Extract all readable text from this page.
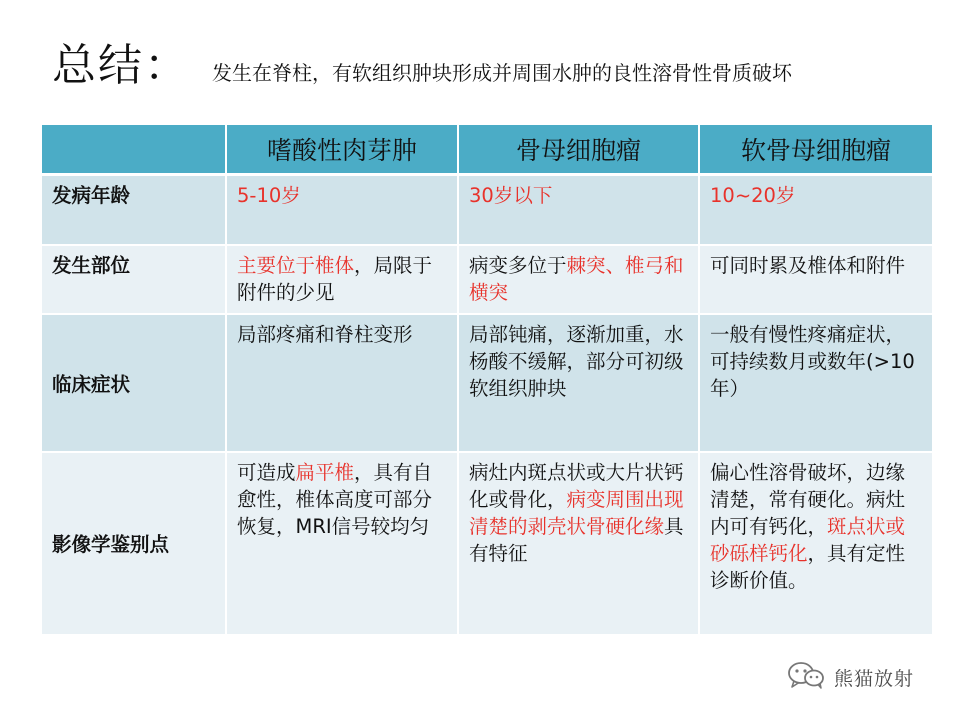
总结： 发生在脊柱，有软组织肿块形成并周围水肿的良性溶骨性骨质破坏
	嗜酸性肉芽肿	骨母细胞瘤	软骨母细胞瘤
发病年龄	5-10岁	30岁以下	10~20岁
发生部位	主要位于椎体，局限于附件的少见	病变多位于棘突、椎弓和横突	可同时累及椎体和附件
临床症状	局部疼痛和脊柱变形	局部钝痛，逐渐加重，水杨酸不缓解，部分可初级软组织肿块	一般有慢性疼痛症状，可持续数月或数年(>10年）
影像学鉴别点	可造成扁平椎，具有自愈性，椎体高度可部分恢复，MRI信号较均匀	病灶内斑点状或大片状钙化或骨化，病变周围出现清楚的剥壳状骨硬化缘具有特征	偏心性溶骨破坏，边缘清楚，常有硬化。病灶内可有钙化，斑点状或砂砾样钙化，具有定性诊断价值。
熊猫放射
